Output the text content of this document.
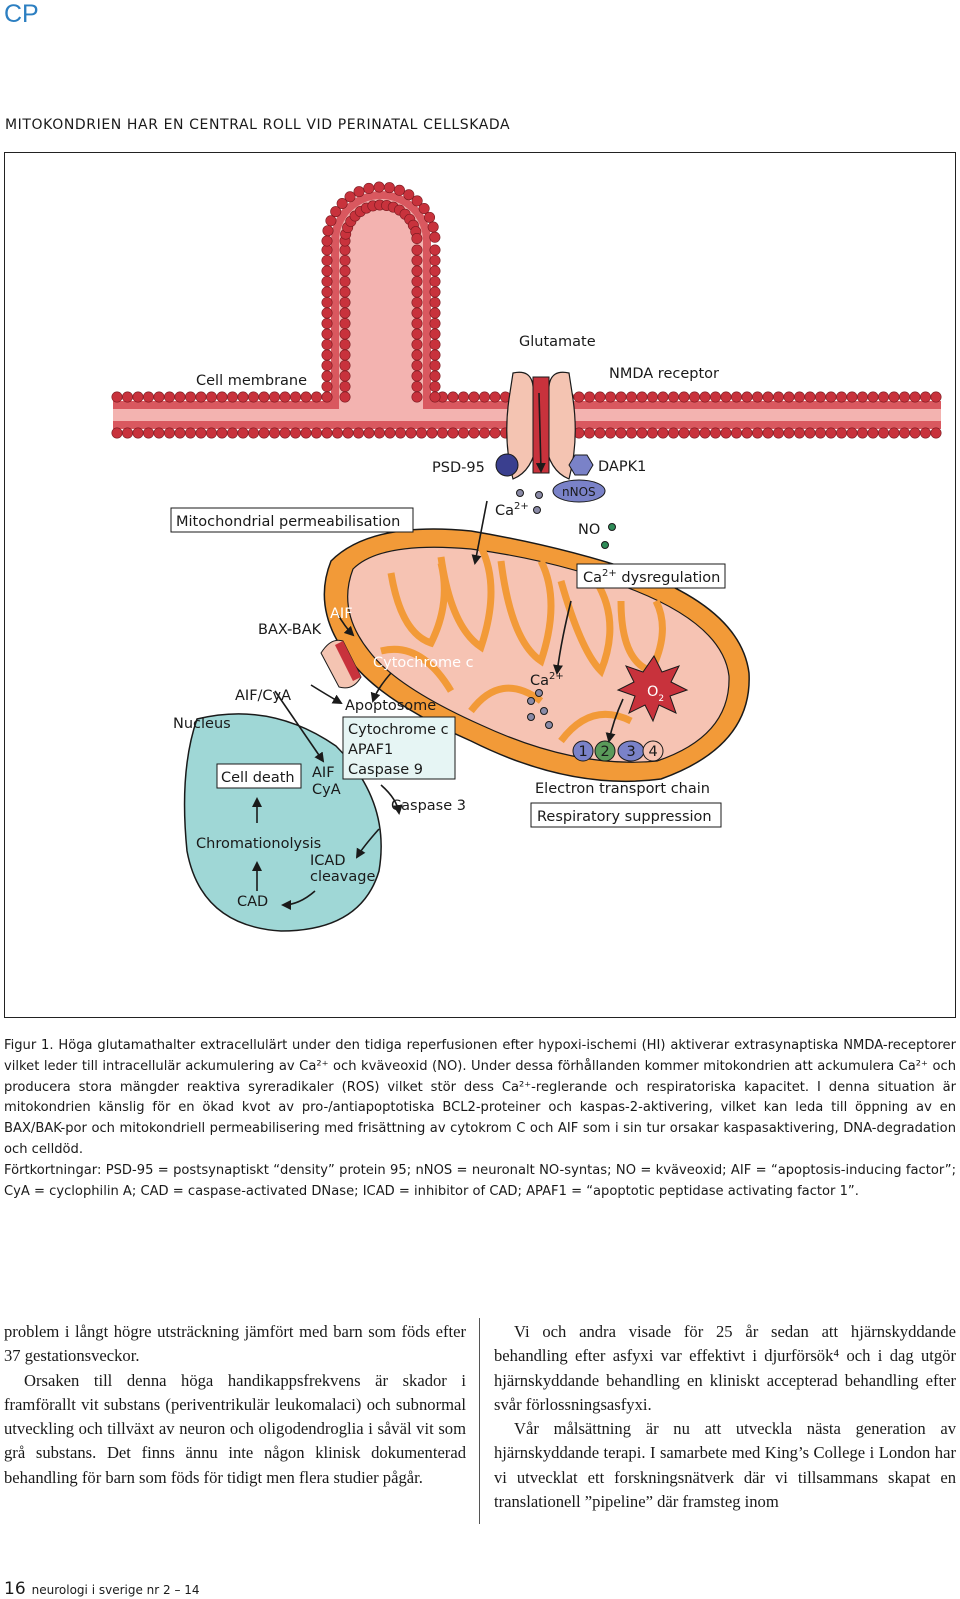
CP
MITOKONDRIEN HAR EN CENTRAL ROLL VID PERINATAL CELLSKADA
1 2 3 4
Cell membrane
Glutamate
NMDA receptor
PSD-95	DAPK1
nNOS
$Ca^{2+}$
NO
Mitochondrial permeabilisation
$Ca^{2+}$ dysregulation
BAX-BAK
AIF
Cytochrome c
AIF/CyA
Apoptosome
Cytochrome c
APAF1
Caspase 9
Nucleus
Cell death AIF
CyA
Caspase 3
Chromationolysis
ICAD
cleavage
CAD
$Ca^{2+}$
$O_2$
Electron transport chain
Respiratory suppression

Figur 1. Höga glutamathalter extracellulärt under den tidiga reperfusionen efter hypoxi-ischemi (HI) aktiverar extrasynaptiska NMDA-receptorer vilket leder till intracellulär ackumulering av Ca²⁺ och kväveoxid (NO). Under dessa förhållanden kommer mitokondrien att ackumulera Ca²⁺ och producera stora mängder reaktiva syreradikaler (ROS) vilket stör dess Ca²⁺-reglerande och respiratoriska kapacitet. I denna situation är mitokondrien känslig för en ökad kvot av pro-/antiapoptotiska BCL2-proteiner och kaspas-2-aktivering, vilket kan leda till öppning av en BAX/BAK-por och mitokondriell permeabilisering med frisättning av cytokrom C och AIF som i sin tur orsakar kaspasaktivering, DNA-degradation och celldöd.

Förtkortningar: PSD-95 = postsynaptiskt “density” protein 95; nNOS = neuronalt NO-syntas; NO = kväveoxid; AIF = “apoptosis-inducing factor”; CyA = cyclophilin A; CAD = caspase-activated DNase; ICAD = inhibitor of CAD; APAF1 = “apoptotic peptidase activating factor 1”.

problem i långt högre utsträckning jämfört med barn som föds efter 37 gestationsveckor.

Orsaken till denna höga handikappsfrekvens är skador i framförallt vit substans (periventrikulär leukomalaci) och subnormal utveckling och tillväxt av neuron och oligodendroglia i såväl vit som grå substans. Det finns ännu inte någon klinisk dokumenterad behandling för barn som föds för tidigt men flera studier pågår.

Vi och andra visade för 25 år sedan att hjärnskyddande behandling efter asfyxi var effektivt i djurförsök⁴ och i dag utgör hjärnskyddande behandling en kliniskt accepterad behandling efter svår förlossningsasfyxi.

Vår målsättning är nu att utveckla nästa generation av hjärnskyddande terapi. I samarbete med King’s College i London har vi utvecklat ett forskningsnätverk där vi tillsammans skapat en translationell ”pipeline” där framsteg inom

16 neurologi i sverige nr 2 – 14
